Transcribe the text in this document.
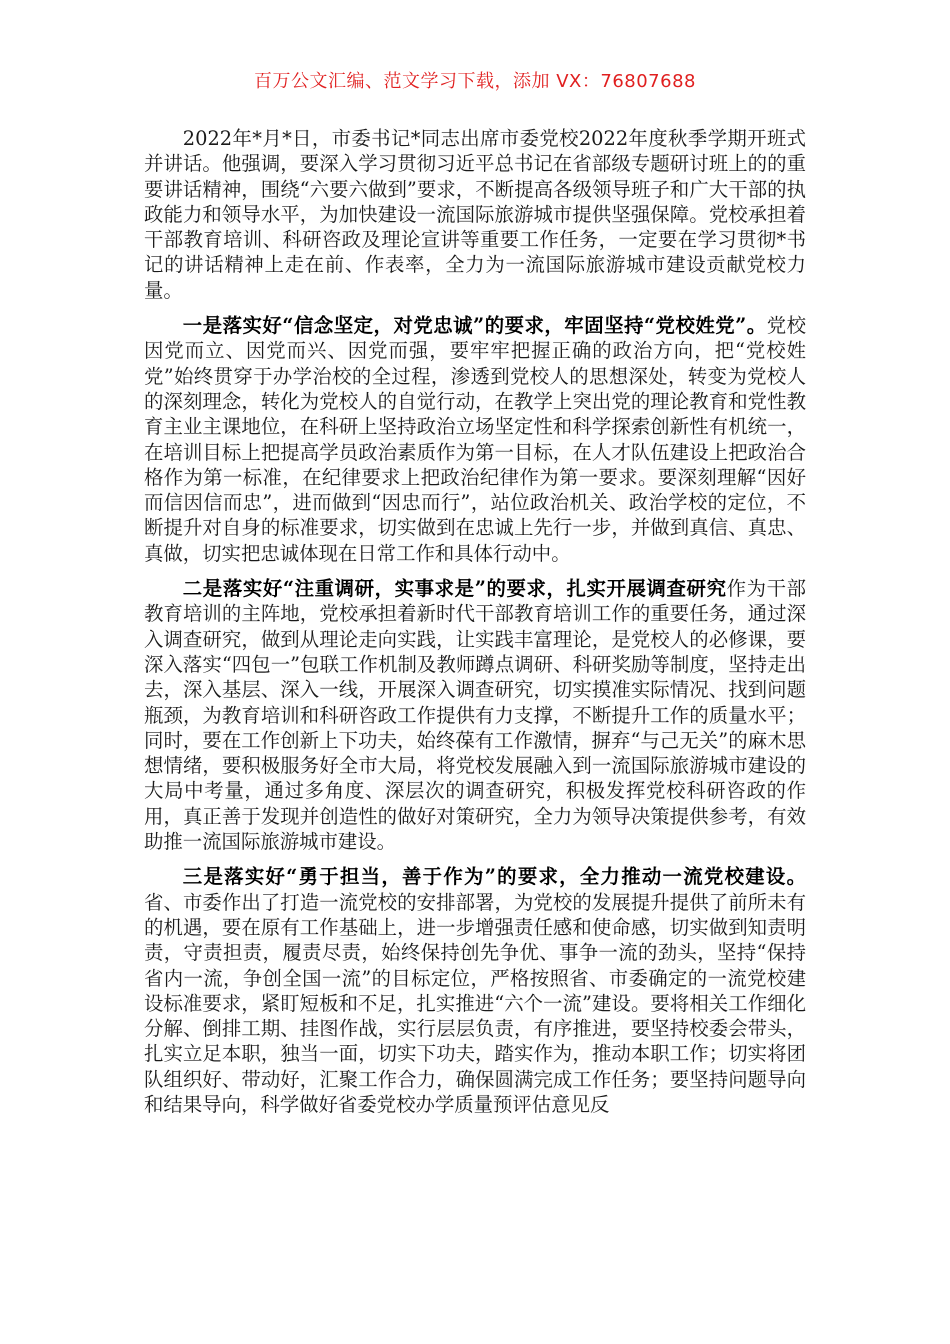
百万公文汇编、范文学习下载，添加 VX：76807688

2022年*月*日，市委书记*同志出席市委党校2022年度秋季学期开班式并讲话。他强调，要深入学习贯彻习近平总书记在省部级专题研讨班上的的重要讲话精神，围绕“六要六做到”要求，不断提高各级领导班子和广大干部的执政能力和领导水平，为加快建设一流国际旅游城市提供坚强保障。党校承担着干部教育培训、科研咨政及理论宣讲等重要工作任务，一定要在学习贯彻*书记的讲话精神上走在前、作表率，全力为一流国际旅游城市建设贡献党校力量。

一是落实好“信念坚定，对党忠诚”的要求，牢固坚持“党校姓党”。党校因党而立、因党而兴、因党而强，要牢牢把握正确的政治方向，把“党校姓党”始终贯穿于办学治校的全过程，渗透到党校人的思想深处，转变为党校人的深刻理念，转化为党校人的自觉行动，在教学上突出党的理论教育和党性教育主业主课地位，在科研上坚持政治立场坚定性和科学探索创新性有机统一，在培训目标上把提高学员政治素质作为第一目标，在人才队伍建设上把政治合格作为第一标准，在纪律要求上把政治纪律作为第一要求。要深刻理解“因好而信因信而忠”，进而做到“因忠而行”，站位政治机关、政治学校的定位，不断提升对自身的标准要求，切实做到在忠诚上先行一步，并做到真信、真忠、真做，切实把忠诚体现在日常工作和具体行动中。

二是落实好“注重调研，实事求是”的要求，扎实开展调查研究作为干部教育培训的主阵地，党校承担着新时代干部教育培训工作的重要任务，通过深入调查研究，做到从理论走向实践，让实践丰富理论，是党校人的必修课，要深入落实“四包一”包联工作机制及教师蹲点调研、科研奖励等制度，坚持走出去，深入基层、深入一线，开展深入调查研究，切实摸准实际情况、找到问题瓶颈，为教育培训和科研咨政工作提供有力支撑，不断提升工作的质量水平；同时，要在工作创新上下功夫，始终葆有工作激情，摒弃“与己无关”的麻木思想情绪，要积极服务好全市大局，将党校发展融入到一流国际旅游城市建设的大局中考量，通过多角度、深层次的调查研究，积极发挥党校科研咨政的作用，真正善于发现并创造性的做好对策研究，全力为领导决策提供参考，有效助推一流国际旅游城市建设。

三是落实好“勇于担当，善于作为”的要求，全力推动一流党校建设。省、市委作出了打造一流党校的安排部署，为党校的发展提升提供了前所未有的机遇，要在原有工作基础上，进一步增强责任感和使命感，切实做到知责明责，守责担责，履责尽责，始终保持创先争优、事争一流的劲头，坚持“保持省内一流，争创全国一流”的目标定位，严格按照省、市委确定的一流党校建设标准要求，紧盯短板和不足，扎实推进“六个一流”建设。要将相关工作细化分解、倒排工期、挂图作战，实行层层负责，有序推进，要坚持校委会带头，扎实立足本职，独当一面，切实下功夫，踏实作为，推动本职工作；切实将团队组织好、带动好，汇聚工作合力，确保圆满完成工作任务；要坚持问题导向和结果导向，科学做好省委党校办学质量预评估意见反
